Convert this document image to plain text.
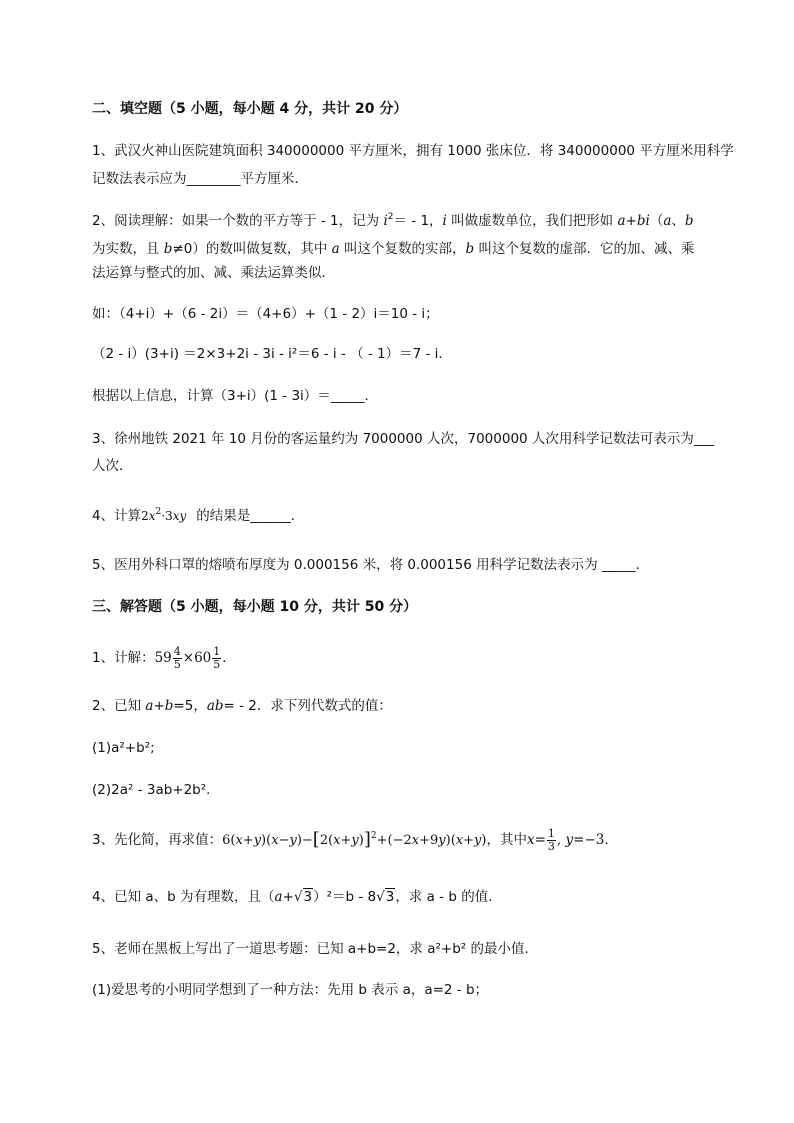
二、填空题（5 小题，每小题 4 分，共计 20 分）
1、武汉火神山医院建筑面积 340000000 平方厘米，拥有 1000 张床位．将 340000000 平方厘米用科学
记数法表示应为________平方厘米．
2、阅读理解：如果一个数的平方等于 - 1，记为 $i^2= - 1$，i 叫做虚数单位，我们把形如 a+bi（a、b
为实数，且 b≠0）的数叫做复数，其中 a 叫这个复数的实部，b 叫这个复数的虚部．它的加、减、乘
法运算与整式的加、减、乘法运算类似．
如：（4+i）+（6 - 2i）＝（4+6）+（1 - 2）i＝10 - i；
（2 - i）(3+i) ＝2×3+2i - 3i - i²＝6 - i - （ - 1）＝7 - i．
根据以上信息，计算（3+i）(1 - 3i）＝_____．
3、徐州地铁 2021 年 10 月份的客运量约为 7000000 人次，7000000 人次用科学记数法可表示为___
人次．
4、计算$2x^2\cdot 3xy$ 的结果是______．
5、医用外科口罩的熔喷布厚度为 0.000156 米，将 0.000156 用科学记数法表示为 _____．
三、解答题（5 小题，每小题 10 分，共计 50 分）
1、计解：$59 \frac{4}{5} \times 60 \frac{1}{5}$ ．
2、已知 a+b=5，ab= - 2．求下列代数式的值：
(1)a²+b²;
(2)2a² - 3ab+2b²．
3、先化简，再求值：$6(x+y)(x-y)-[2(x+y)]^2+(-2x+9y)(x+y)$，其中$x= \frac{1}{3}$ , y=−3．
4、已知 a、b 为有理数，且（a+√3）²＝b - 8√3，求 a - b 的值．
5、老师在黑板上写出了一道思考题：已知 a+b=2，求 a²+b² 的最小值．
(1)爱思考的小明同学想到了一种方法：先用 b 表示 a，a=2 - b；
